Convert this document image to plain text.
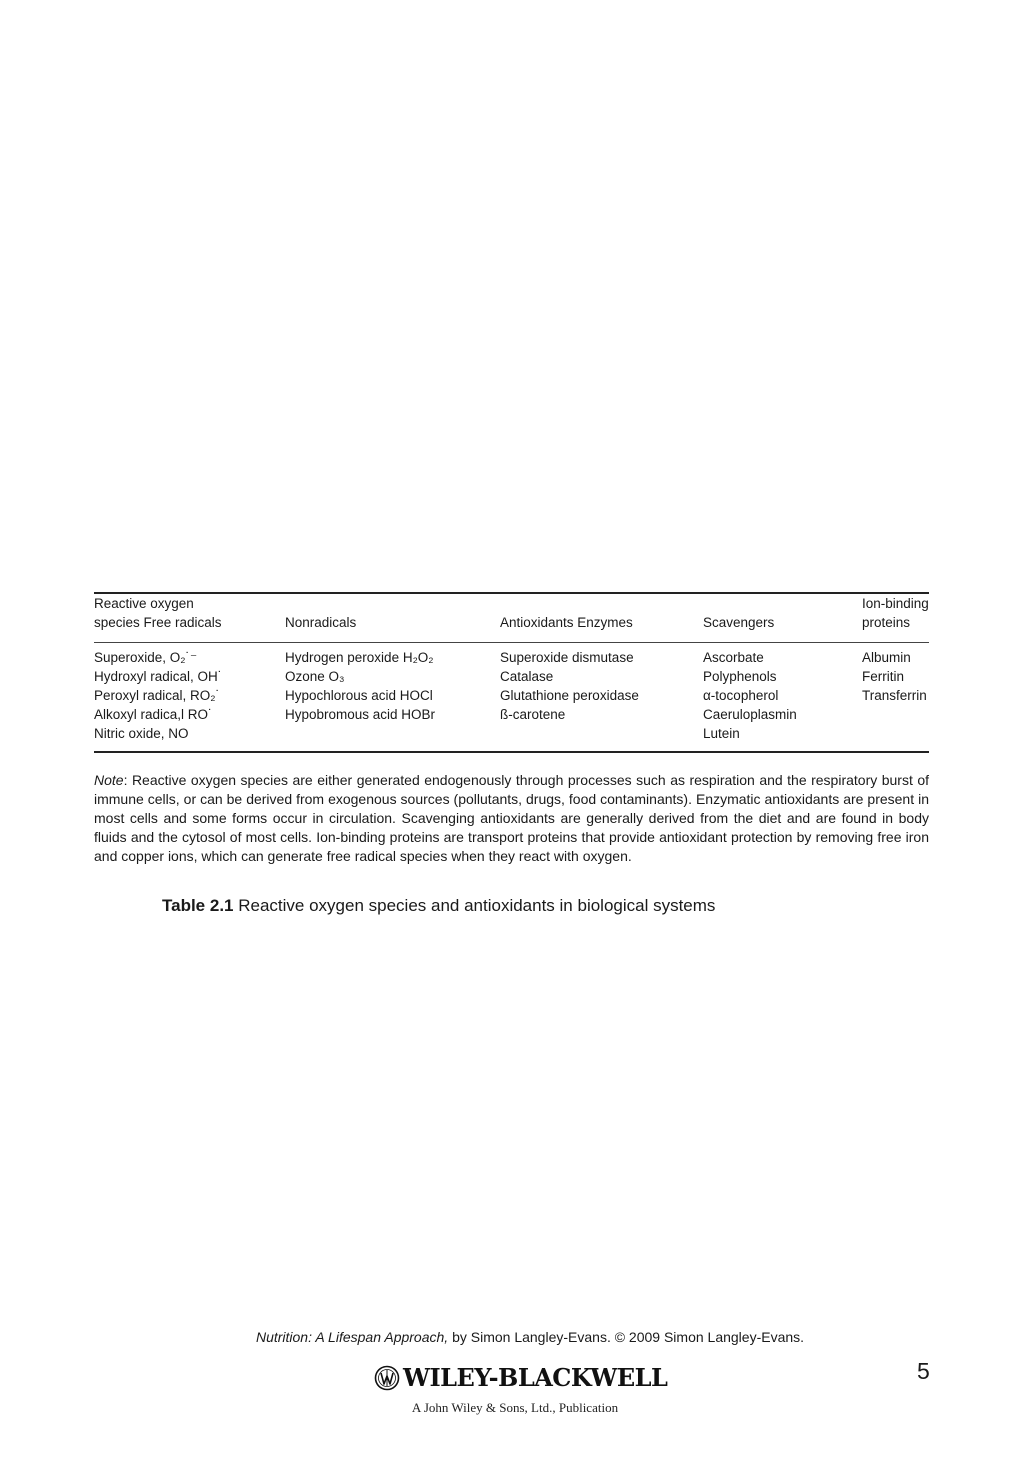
Reactive oxygen
species Free radicals	Nonradicals	Antioxidants Enzymes	Scavengers	Ion-binding
proteins
Superoxide, O₂˙⁻	Hydrogen peroxide H₂O₂	Superoxide dismutase	Ascorbate	Albumin
Hydroxyl radical, OH˙	Ozone O₃	Catalase	Polyphenols	Ferritin
Peroxyl radical, RO₂˙	Hypochlorous acid HOCl	Glutathione peroxidase	α-tocopherol	Transferrin
Alkoxyl radica,l RO˙	Hypobromous acid HOBr	ß-carotene	Caeruloplasmin	
Nitric oxide, NO			Lutein	
Note: Reactive oxygen species are either generated endogenously through processes such as respiration and the respiratory burst of immune cells, or can be derived from exogenous sources (pollutants, drugs, food contaminants). Enzymatic antioxidants are present in most cells and some forms occur in circulation. Scavenging antioxidants are generally derived from the diet and are found in body fluids and the cytosol of most cells. Ion-binding proteins are transport proteins that provide antioxidant protection by removing free iron and copper ions, which can generate free radical species when they react with oxygen.
Table 2.1 Reactive oxygen species and antioxidants in biological systems
Nutrition: A Lifespan Approach, by Simon Langley-Evans. © 2009 Simon Langley-Evans.
5
WILEY-BLACKWELL
A John Wiley & Sons, Ltd., Publication
